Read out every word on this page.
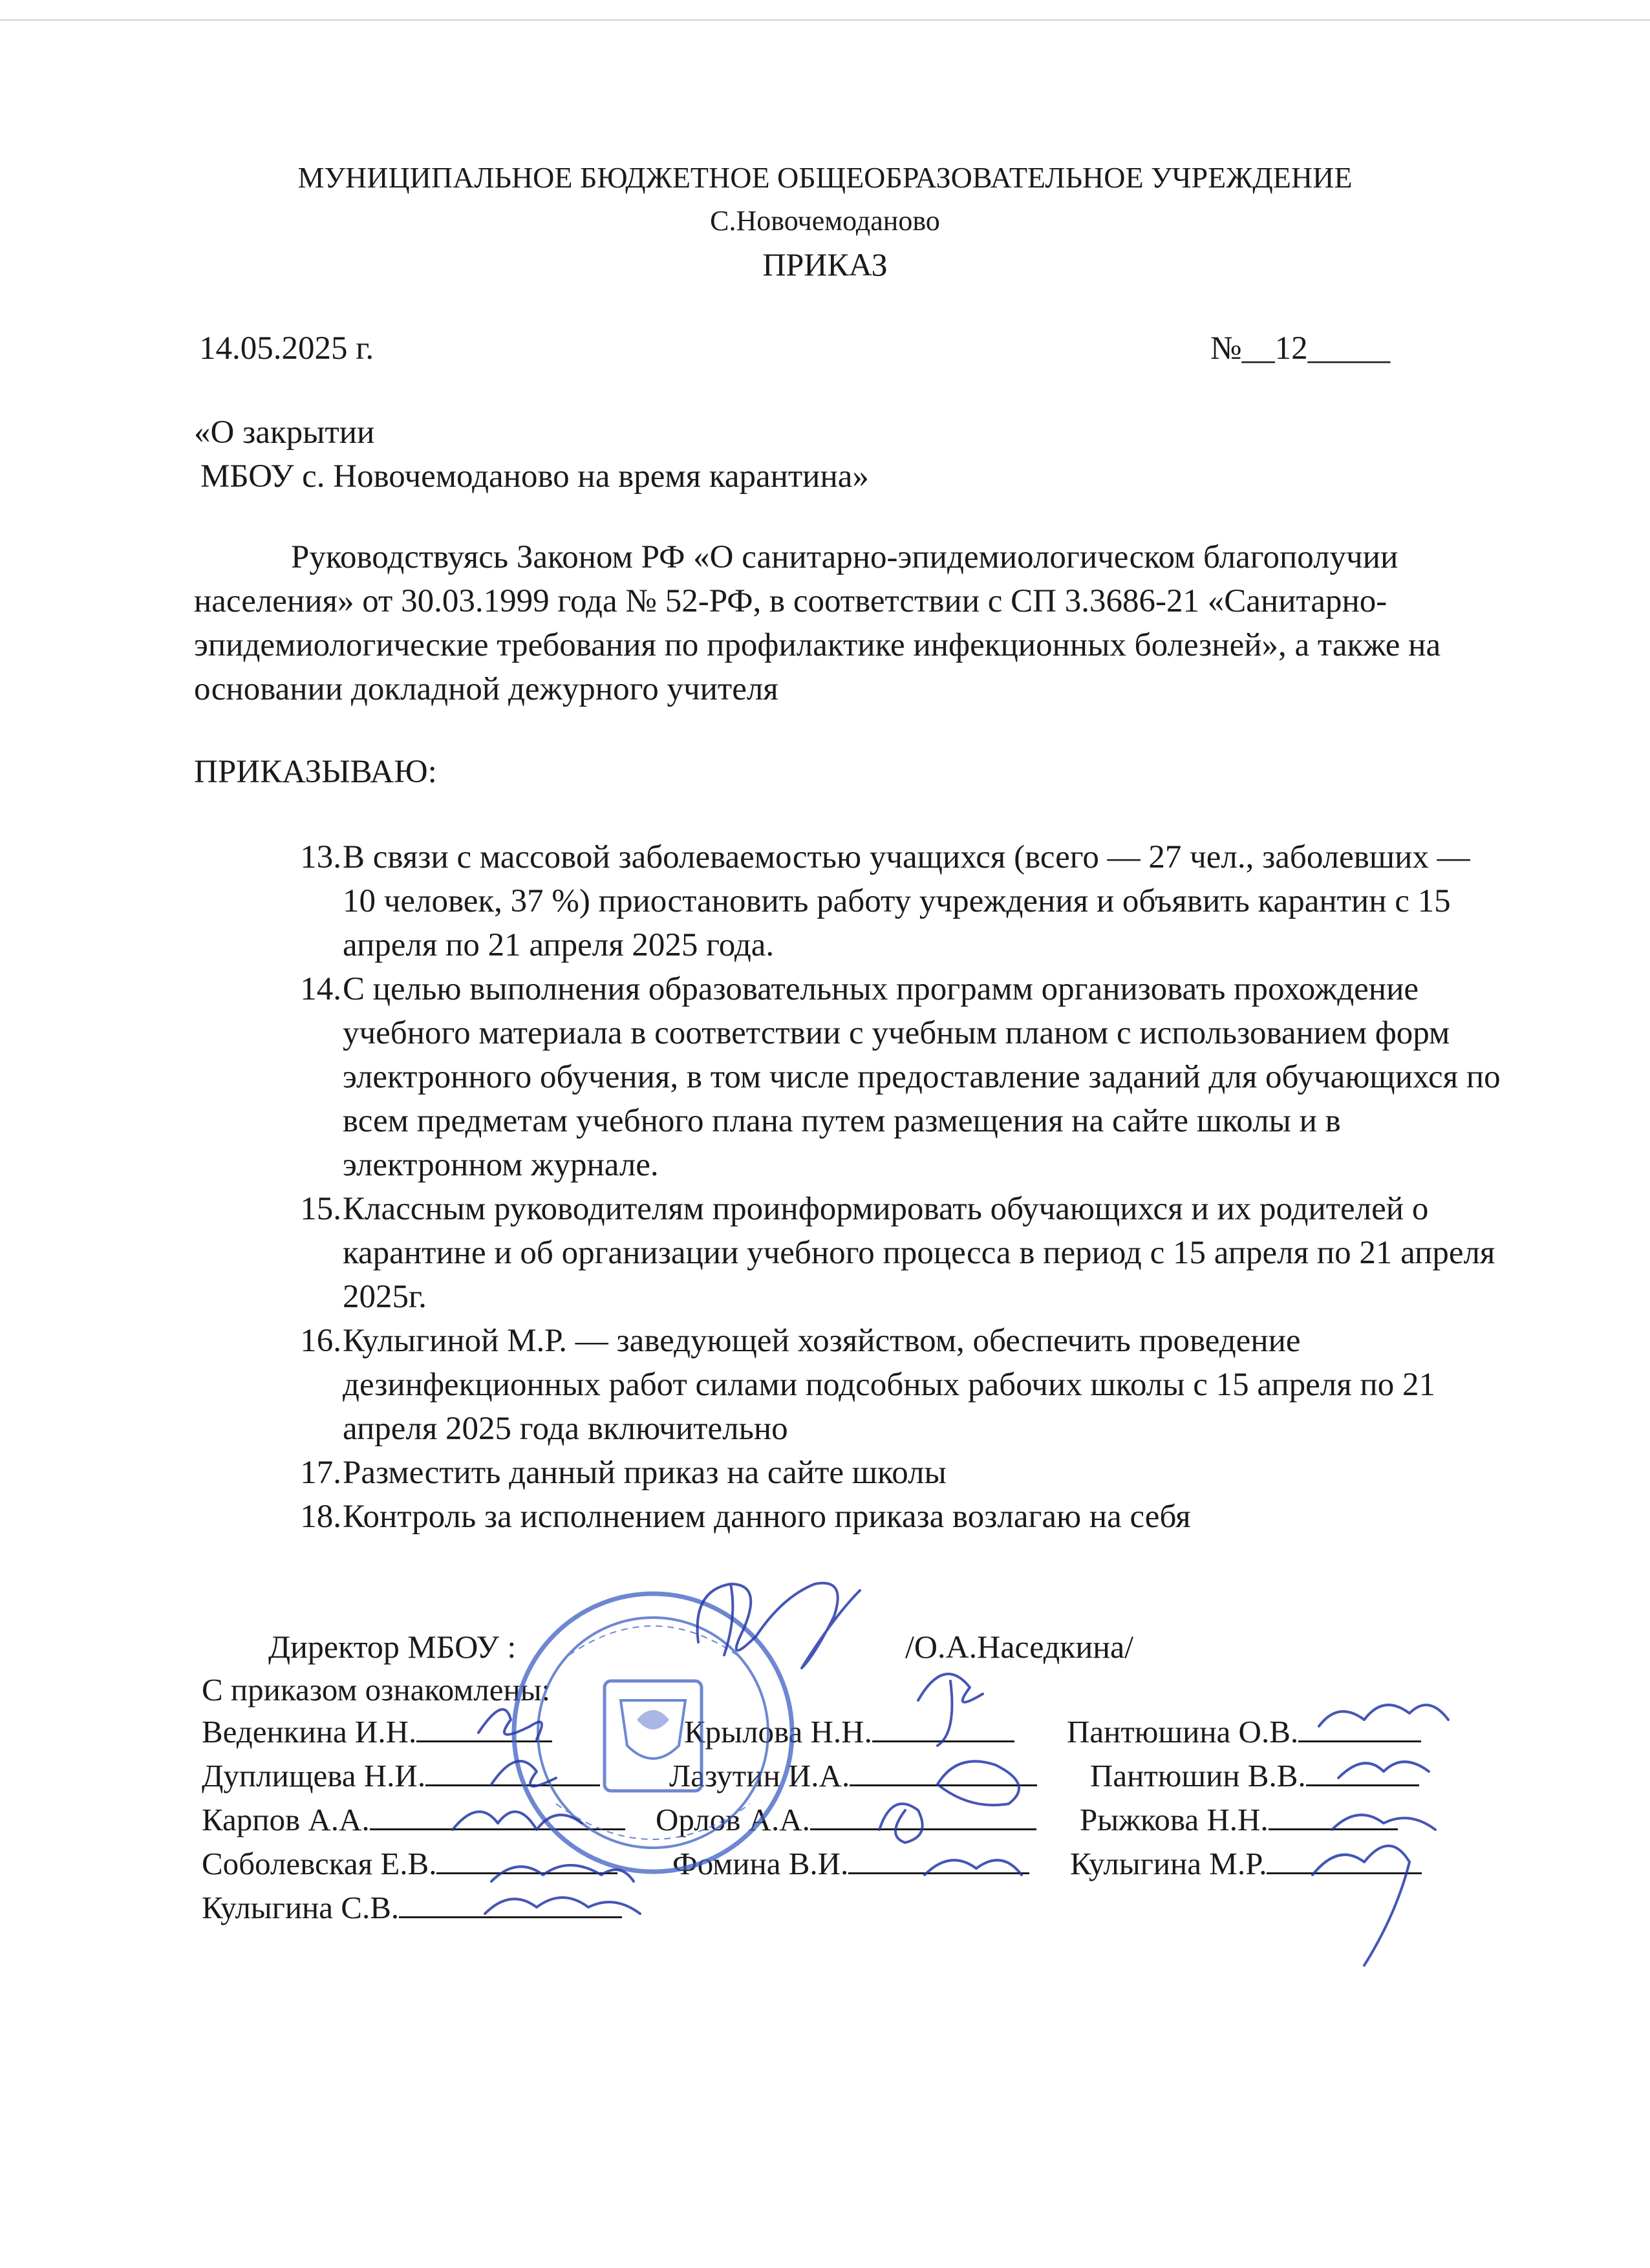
МУНИЦИПАЛЬНОЕ БЮДЖЕТНОЕ ОБЩЕОБРАЗОВАТЕЛЬНОЕ УЧРЕЖДЕНИЕ
С.Новочемоданово
ПРИКАЗ
14.05.2025 г.	№__12_____
«О закрытии
МБОУ с. Новочемоданово на время карантина»
Руководствуясь Законом РФ «О санитарно-эпидемиологическом благополучии населения» от 30.03.1999 года № 52-РФ, в соответствии с СП 3.3686-21 «Санитарно-эпидемиологические требования по профилактике инфекционных болезней», а также на основании докладной дежурного учителя
ПРИКАЗЫВАЮ:
13. В связи с массовой заболеваемостью учащихся (всего — 27 чел., заболевших — 10 человек, 37 %) приостановить работу учреждения и объявить карантин с 15 апреля по 21 апреля 2025 года.
14. С целью выполнения образовательных программ организовать прохождение учебного материала в соответствии с учебным планом с использованием форм электронного обучения, в том числе предоставление заданий для обучающихся по всем предметам учебного плана путем размещения на сайте школы и в электронном журнале.
15. Классным руководителям проинформировать обучающихся и их родителей о карантине и об организации учебного процесса в период с 15 апреля по 21 апреля 2025г.
16. Кулыгиной М.Р. — заведующей хозяйством, обеспечить проведение дезинфекционных работ силами подсобных рабочих школы с 15 апреля по 21 апреля 2025 года включительно
17. Разместить данный приказ на сайте школы
18. Контроль за исполнением данного приказа возлагаю на себя
Директор МБОУ :	/О.А.Наседкина/
С приказом ознакомлены:
Веденкина И.Н.	Крылова Н.Н.	Пантюшина О.В.
Дуплищева Н.И.	Лазутин И.А.	Пантюшин В.В.
Карпов А.А.	Орлов А.А.	Рыжкова Н.Н.
Соболевская Е.В.	Фомина В.И.	Кулыгина М.Р.
Кулыгина С.В.
